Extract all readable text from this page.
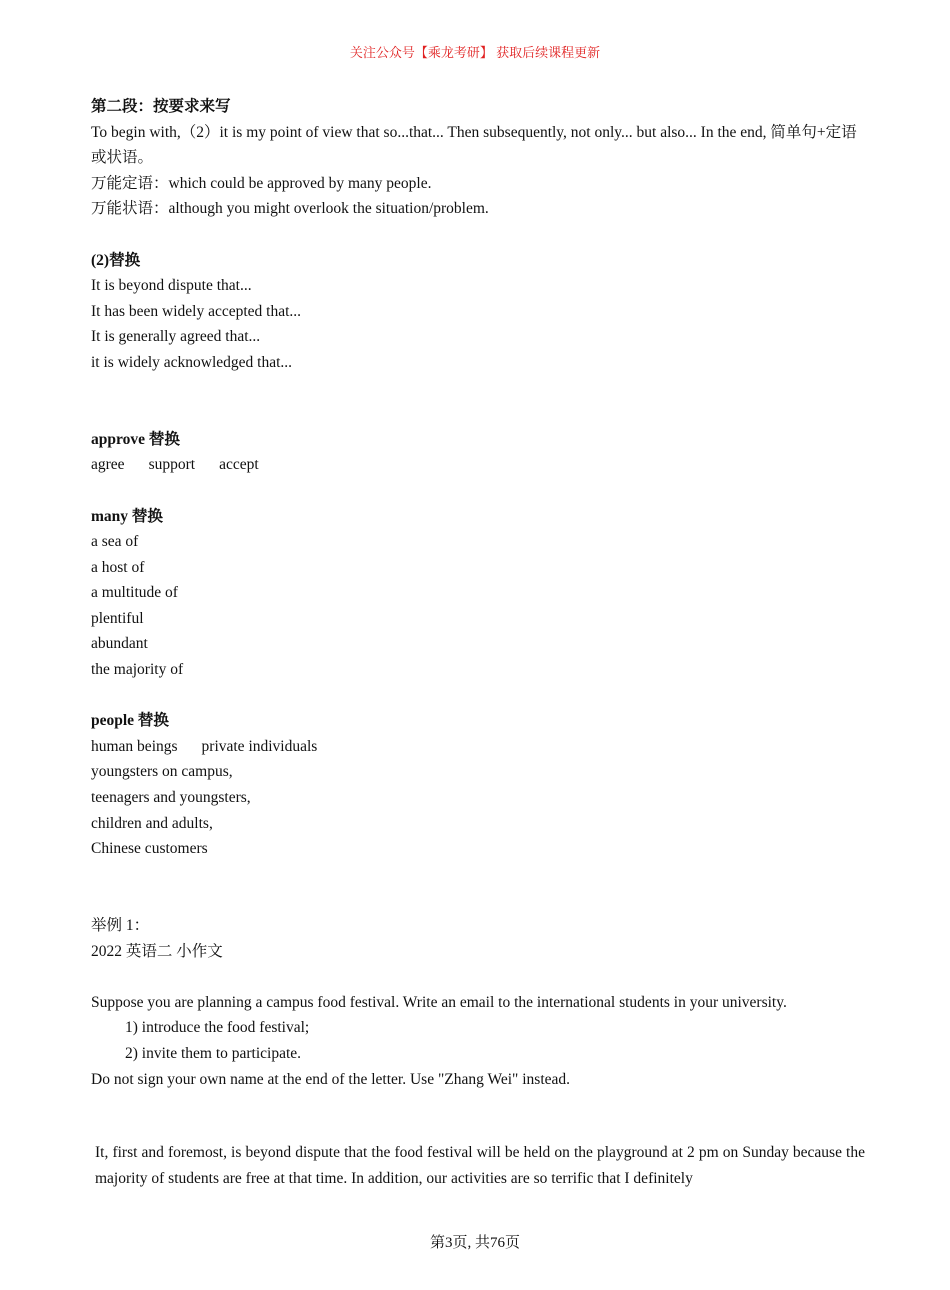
关注公众号【乘龙考研】 获取后续课程更新
第二段：按要求来写
To begin with,（2）it is my point of view that so...that... Then subsequently, not only... but also... In the end, 简单句+定语或状语。
万能定语：which could be approved by many people.
万能状语：although you might overlook the situation/problem.
(2)替换
It is beyond dispute that...
It has been widely accepted that...
It is generally agreed that...
it is widely acknowledged that...
approve 替换
agree support accept
many 替换
a sea of
a host of
a multitude of
plentiful
abundant
the majority of
people 替换
human beings private individuals
youngsters on campus,
teenagers and youngsters,
children and adults,
Chinese customers
举例 1：
2022 英语二 小作文
Suppose you are planning a campus food festival. Write an email to the international students in your university.
1) introduce the food festival;
2) invite them to participate.
Do not sign your own name at the end of the letter. Use "Zhang Wei" instead.
It, first and foremost, is beyond dispute that the food festival will be held on the playground at 2 pm on Sunday because the majority of students are free at that time. In addition, our activities are so terrific that I definitely
第3页, 共76页
